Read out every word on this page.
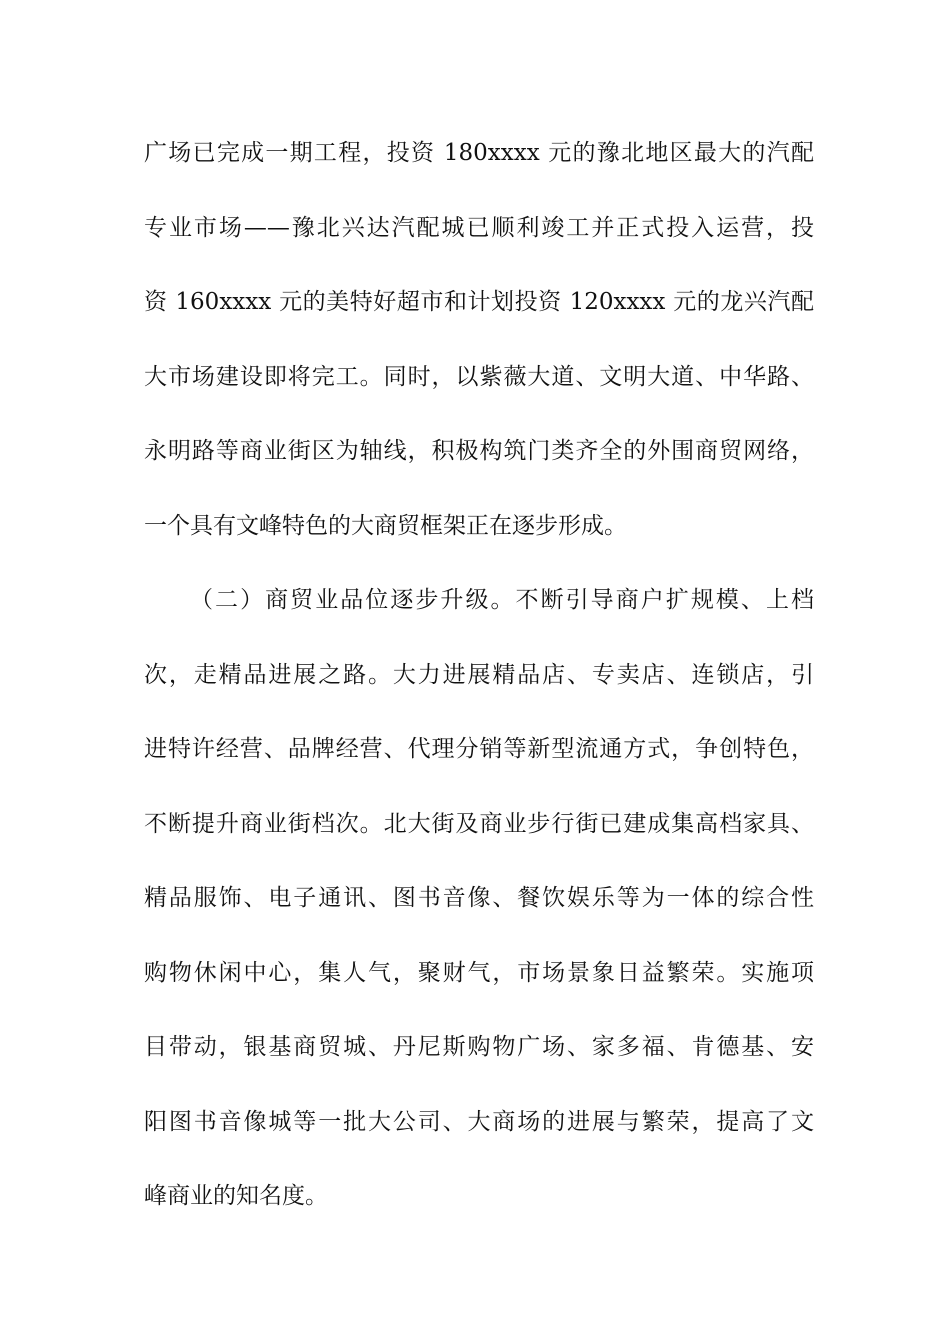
广场已完成一期工程，投资 180xxxx 元的豫北地区最大的汽配
专业市场——豫北兴达汽配城已顺利竣工并正式投入运营，投
资 160xxxx 元的美特好超市和计划投资 120xxxx 元的龙兴汽配
大市场建设即将完工。同时，以紫薇大道、文明大道、中华路、
永明路等商业街区为轴线，积极构筑门类齐全的外围商贸网络，
一个具有文峰特色的大商贸框架正在逐步形成。
（二）商贸业品位逐步升级。不断引导商户扩规模、上档
次，走精品进展之路。大力进展精品店、专卖店、连锁店，引
进特许经营、品牌经营、代理分销等新型流通方式，争创特色，
不断提升商业街档次。北大街及商业步行街已建成集高档家具、
精品服饰、电子通讯、图书音像、餐饮娱乐等为一体的综合性
购物休闲中心，集人气，聚财气，市场景象日益繁荣。实施项
目带动，银基商贸城、丹尼斯购物广场、家多福、肯德基、安
阳图书音像城等一批大公司、大商场的进展与繁荣，提高了文
峰商业的知名度。
